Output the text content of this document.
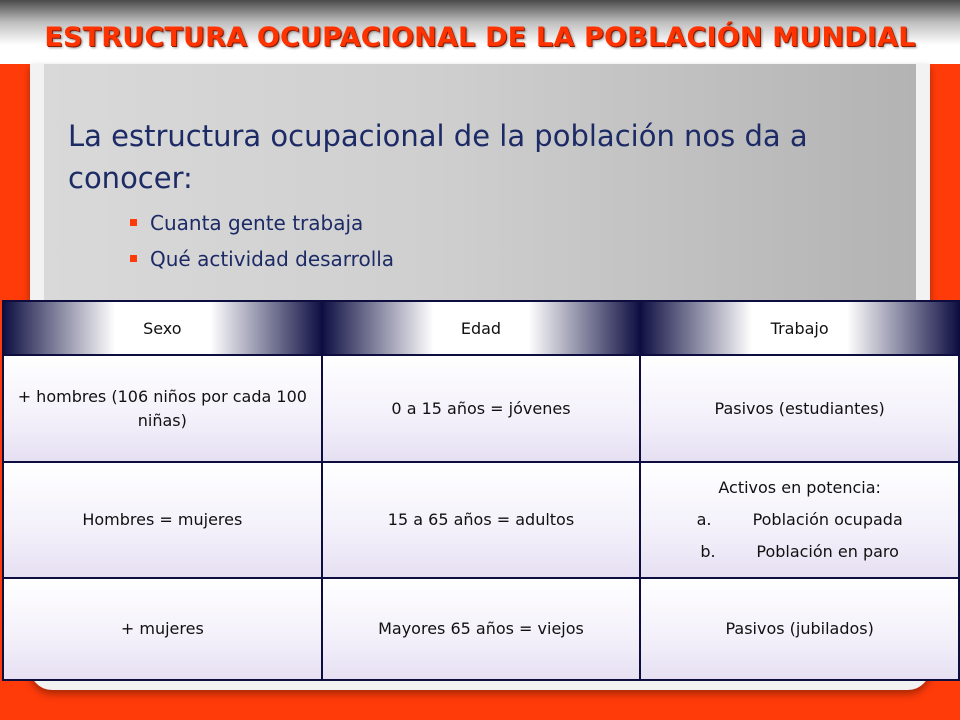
ESTRUCTURA OCUPACIONAL DE LA POBLACIÓN MUNDIAL
La estructura ocupacional de la población nos da a conocer:
Cuanta gente trabaja
Qué actividad desarrolla
Sexo	Edad	Trabajo
+ hombres (106 niños por cada 100 niñas)	0 a 15 años = jóvenes	Pasivos (estudiantes)
Hombres = mujeres	15 a 65 años = adultos	Activos en potencia:
a. Población ocupada
b. Población en paro

+ mujeres	Mayores 65 años = viejos	Pasivos (jubilados)
